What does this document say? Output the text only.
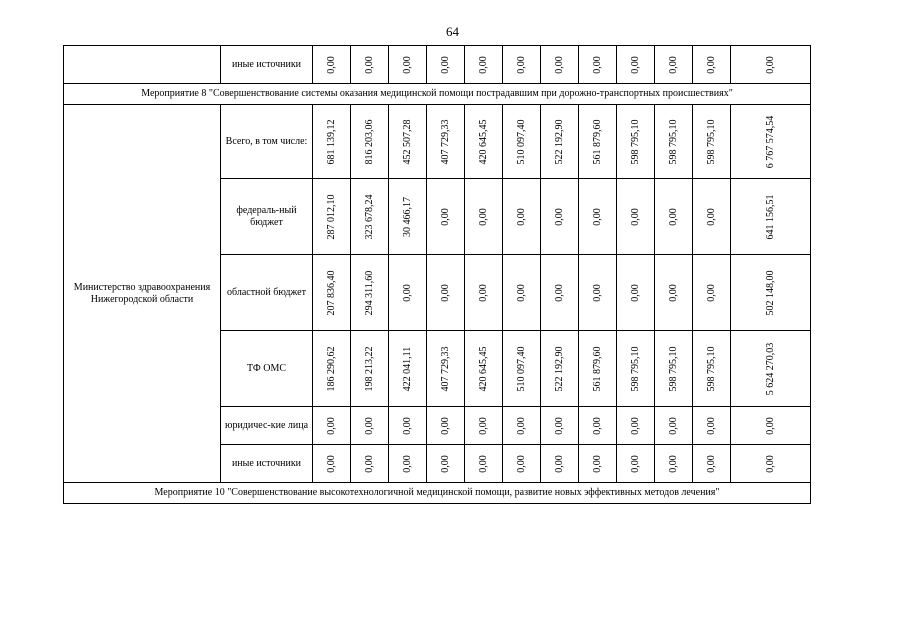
64
	иные источники	0,00	0,00	0,00	0,00	0,00	0,00	0,00	0,00	0,00	0,00	0,00	0,00

Мероприятие 8 "Совершенствование системы оказания медицинской помощи пострадавшим при дорожно-транспортных происшествиях"													
Министерство здравоохранения Нижегородской области	Всего, в том числе:	681 139,12	816 203,06	452 507,28	407 729,33	420 645,45	510 097,40	522 192,90	561 879,60	598 795,10	598 795,10	598 795,10	6 767 574,54

	федераль-ный бюджет	287 012,10	323 678,24	30 466,17	0,00	0,00	0,00	0,00	0,00	0,00	0,00	0,00	641 156,51

	областной бюджет	207 836,40	294 311,60	0,00	0,00	0,00	0,00	0,00	0,00	0,00	0,00	0,00	502 148,00

	ТФ ОМС	186 290,62	198 213,22	422 041,11	407 729,33	420 645,45	510 097,40	522 192,90	561 879,60	598 795,10	598 795,10	598 795,10	5 624 270,03

	юридичес-кие лица	0,00	0,00	0,00	0,00	0,00	0,00	0,00	0,00	0,00	0,00	0,00	0,00

	иные источники	0,00	0,00	0,00	0,00	0,00	0,00	0,00	0,00	0,00	0,00	0,00	0,00

Мероприятие 10 "Совершенствование высокотехнологичной медицинской помощи, развитие новых эффективных методов лечения"													
